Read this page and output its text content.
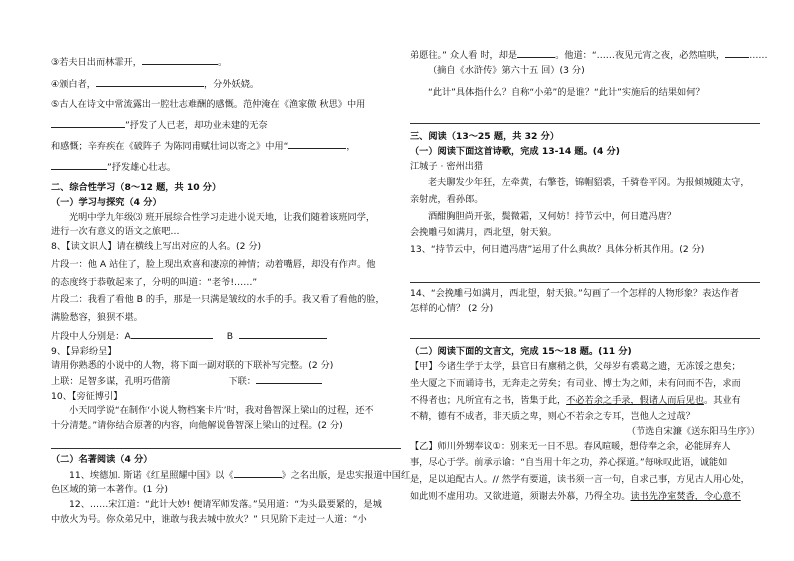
③若夫日出而林霏开，	。
④颁白者，	，分外妖娆。
⑤古人在诗文中常流露出一腔壮志难酬的感慨。范仲淹在《渔家傲 秋思》中用
”抒发了人已老，却功业未建的无奈
和感慨；辛弃疾在《破阵子 为陈同甫赋壮词以寄之》中用“	，
”抒发雄心壮志。
二、综合性学习（8～12 题，共 10 分）
（一）学习与探究（4 分）
光明中学九年级⑶ 班开展综合性学习走进小说天地，让我们随着该班同学，
进行一次有意义的语文之旅吧…
8、【读文识人】请在横线上写出对应的人名。(2 分)
片段一：他 A 站住了，脸上现出欢喜和凄凉的神情；动着嘴唇，却没有作声。他
的态度终于恭敬起来了，分明的叫道：“老爷!……”
片段二：我看了看他 B 的手，那是一只满是皱纹的水手的手。我又看了看他的脸，
满脸愁容，狼狈不堪。
片段中人分别是：A	B
9、【异彩纷呈】
请用你熟悉的小说中的人物，将下面一副对联的下联补写完整。(2 分)
上联：足智多谋，孔明巧借箭	下联：
10、【旁征博引】
小天同学说“在制作‘小说人物档案卡片’时，我对鲁智深上梁山的过程，还不
十分清楚。”请你结合原著的内容，向他解说鲁智深上梁山的过程。(2 分)
（二）名著阅读（4 分）
11、埃德加. 斯诺《红星照耀中国》以《	》之名出版，是忠实报道中国红
色区域的第一本著作。(1 分)
12、……宋江道：“此计大妙! 便请军师发落。”吴用道：“为头最要紧的，是城
中放火为号。你众弟兄中，谁敢与我去城中放火？” 只见阶下走过一人道：“小
弟愿往。” 众人看 时，却是	。他道：“……夜见元宵之夜，必然喧哄，	……
（摘自《水浒传》第六十五 回）(3 分)
“此计”具体指什么？自称“小弟”的是谁？“此计”实施后的结果如何？
三、阅读（13～25 题，共 32 分）
（一）阅读下面这首诗歌，完成 13-14 题。(4 分)
江城子 · 密州出猎
老夫聊发少年狂，左牵黄，右擎苍，锦帽貂裘，千骑卷平冈。为报倾城随太守，
亲射虎，看孙郎。
酒酣胸胆尚开张，鬓微霜，又何妨！持节云中，何日遣冯唐？
会挽雕弓如满月，西北望，射天狼。
13、“持节云中，何日遣冯唐”运用了什么典故？具体分析其作用。(2 分)
14、“会挽雕弓如满月，西北望，射天狼。”勾画了一个怎样的人物形象？表达作者
怎样的心情？ (2 分)
（二）阅读下面的文言文，完成 15～18 题。(11 分)
【甲】今诸生学于太学，县官日有廪稍之供，父母岁有裘葛之遗，无冻馁之患矣；
坐大厦之下而诵诗书，无奔走之劳矣；有司业、博士为之师，未有问而不告，求而
不得者也；凡所宜有之书，皆集于此，不必若余之手录，假诸人而后见也。其业有
不精，德有不成者，非天质之卑，则心不若余之专耳，岂他人之过哉？
（节选自宋濂《送东阳马生序》）
【乙】师川外甥奉议①：别来无一日不思。春风暄暖，想侍奉之余，必能屏弃人
事，尽心于学。前承示谕：“自当用十年之功，养心探道。”每咏叹此语，诚能如
是，足以追配古人。// 然学有要道，读书须一言一句，自求己事，方见古人用心处，
如此则不虚用功。又欲进道，须谢去外慕，乃得全功。读书先净室焚香，令心意不
